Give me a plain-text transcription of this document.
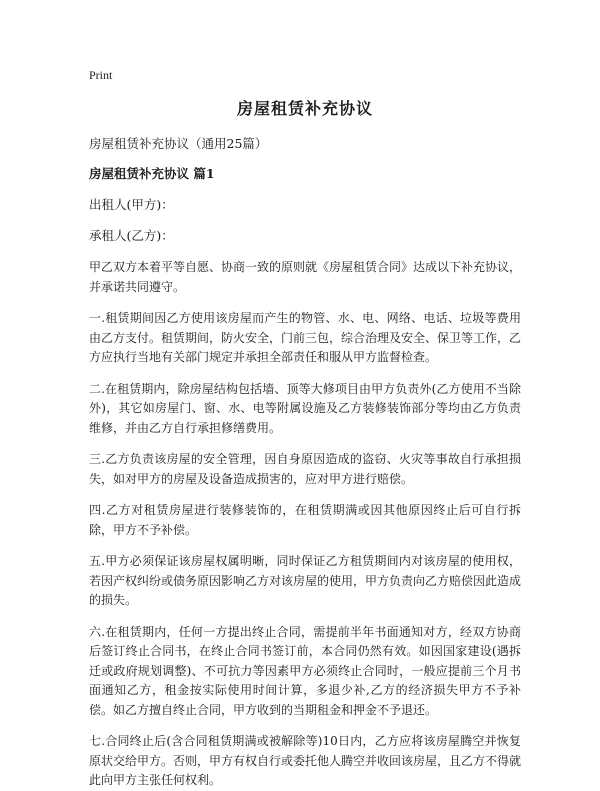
Print

房屋租赁补充协议

房屋租赁补充协议（通用25篇）

房屋租赁补充协议 篇1

出租人(甲方)：

承租人(乙方)：

甲乙双方本着平等自愿、协商一致的原则就《房屋租赁合同》达成以下补充协议，并承诺共同遵守。

一.租赁期间因乙方使用该房屋而产生的物管、水、电、网络、电话、垃圾等费用由乙方支付。租赁期间，防火安全，门前三包，综合治理及安全、保卫等工作，乙方应执行当地有关部门规定并承担全部责任和服从甲方监督检查。

二.在租赁期内，除房屋结构包括墙、顶等大修项目由甲方负责外(乙方使用不当除外)，其它如房屋门、窗、水、电等附属设施及乙方装修装饰部分等均由乙方负责维修，并由乙方自行承担修缮费用。

三.乙方负责该房屋的安全管理，因自身原因造成的盗窃、火灾等事故自行承担损失，如对甲方的房屋及设备造成损害的，应对甲方进行赔偿。

四.乙方对租赁房屋进行装修装饰的，在租赁期满或因其他原因终止后可自行拆除，甲方不予补偿。

五.甲方必须保证该房屋权属明晰，同时保证乙方租赁期间内对该房屋的使用权，若因产权纠纷或债务原因影响乙方对该房屋的使用，甲方负责向乙方赔偿因此造成的损失。

六.在租赁期内，任何一方提出终止合同，需提前半年书面通知对方，经双方协商后签订终止合同书，在终止合同书签订前，本合同仍然有效。如因国家建设(遇拆迁或政府规划调整)、不可抗力等因素甲方必须终止合同时，一般应提前三个月书面通知乙方，租金按实际使用时间计算，多退少补,乙方的经济损失甲方不予补偿。如乙方擅自终止合同，甲方收到的当期租金和押金不予退还。

七.合同终止后(含合同租赁期满或被解除等)10日内，乙方应将该房屋腾空并恢复原状交给甲方。否则，甲方有权自行或委托他人腾空并收回该房屋，且乙方不得就此向甲方主张任何权利。
